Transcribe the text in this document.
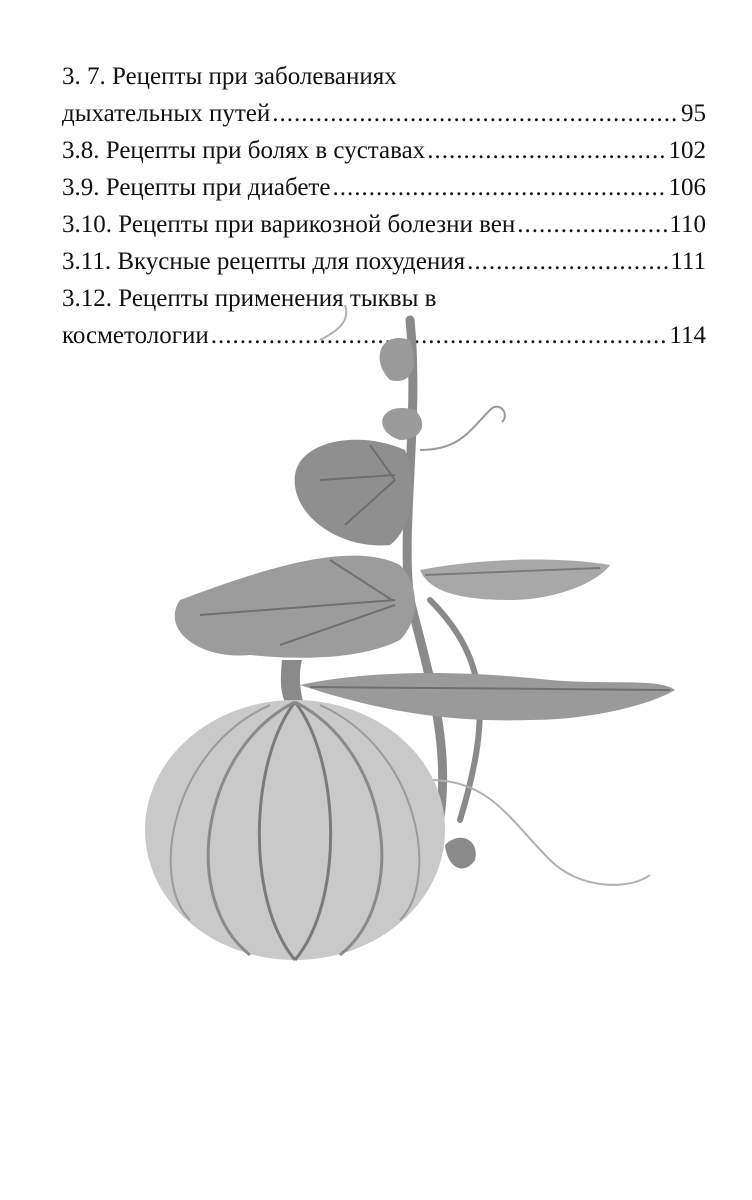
3. 7. Рецепты при заболеваниях
дыхательных путей .....	95
3.8. Рецепты при болях в суставах .....	102
3.9. Рецепты при диабете .....	106
3.10. Рецепты при варикозной болезни вен .....	110
3.11. Вкусные рецепты для похудения .....	111
3.12. Рецепты применения тыквы в
косметологии .....	114
